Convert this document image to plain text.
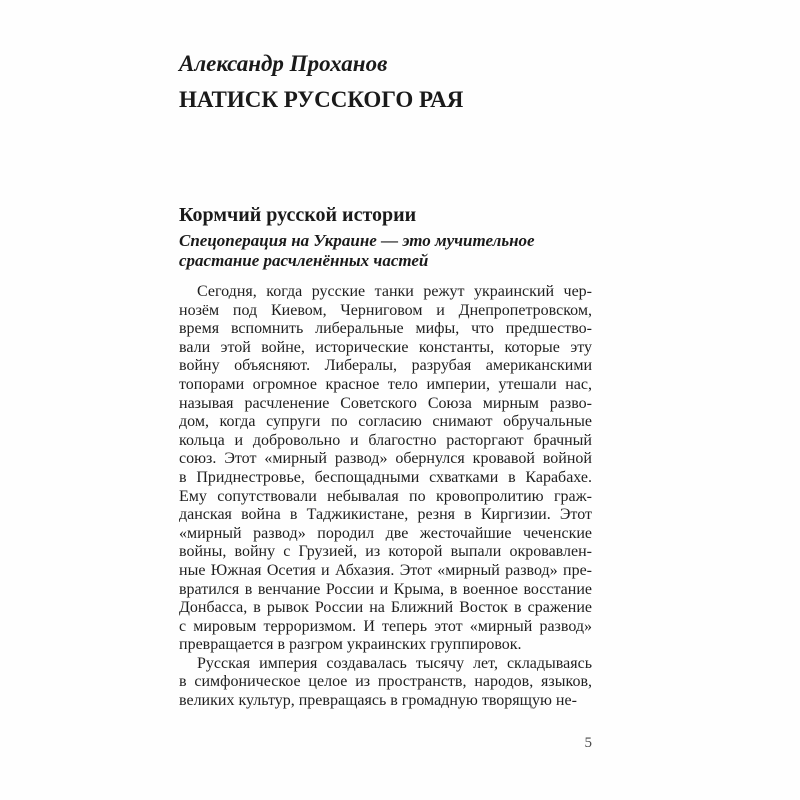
Александр Проханов
НАТИСК РУССКОГО РАЯ
Кормчий русской истории
Спецоперация на Украине — это мучительное
срастание расчленённых частей
Сегодня, когда русские танки режут украинский чер-
нозём под Киевом, Черниговом и Днепропетровском,
время вспомнить либеральные мифы, что предшество-
вали этой войне, исторические константы, которые эту
войну объясняют. Либералы, разрубая американскими
топорами огромное красное тело империи, утешали нас,
называя расчленение Советского Союза мирным разво-
дом, когда супруги по согласию снимают обручальные
кольца и добровольно и благостно расторгают брачный
союз. Этот «мирный развод» обернулся кровавой войной
в Приднестровье, беспощадными схватками в Карабахе.
Ему сопутствовали небывалая по кровопролитию граж-
данская война в Таджикистане, резня в Киргизии. Этот
«мирный развод» породил две жесточайшие чеченские
войны, войну с Грузией, из которой выпали окровавлен-
ные Южная Осетия и Абхазия. Этот «мирный развод» пре-
вратился в венчание России и Крыма, в военное восстание
Донбасса, в рывок России на Ближний Восток в сражение
с мировым терроризмом. И теперь этот «мирный развод»
превращается в разгром украинских группировок.
Русская империя создавалась тысячу лет, складываясь
в симфоническое целое из пространств, народов, языков,
великих культур, превращаясь в громадную творящую не-
5
